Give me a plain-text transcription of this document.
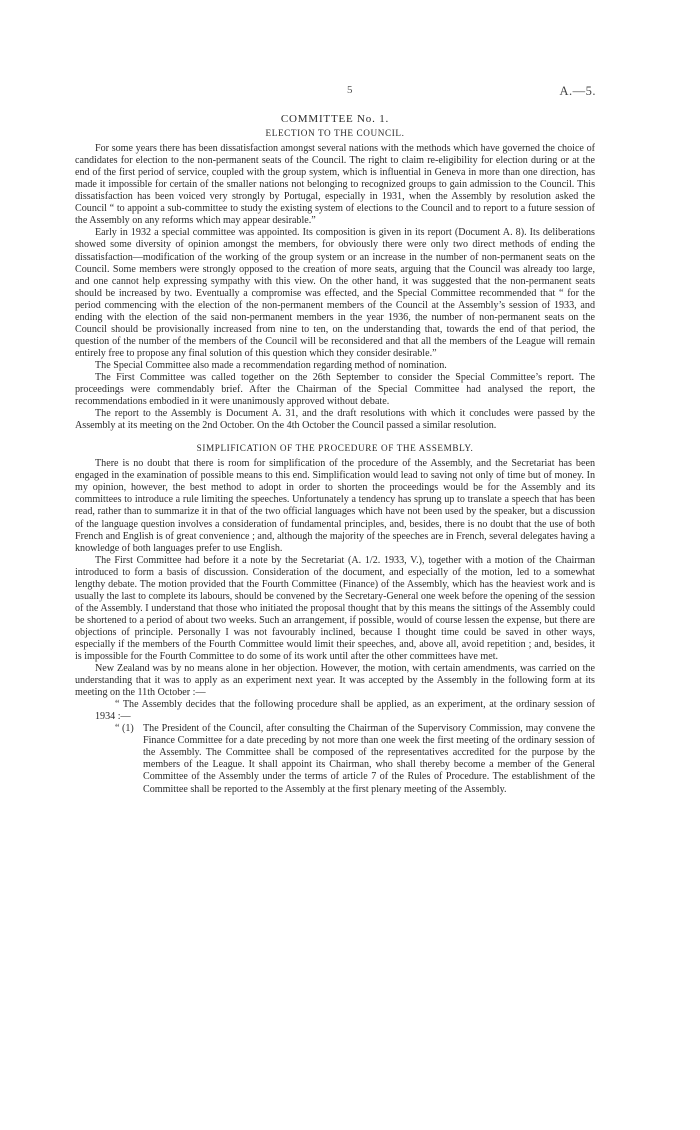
5	A.—5.
COMMITTEE No. 1.
ELECTION TO THE COUNCIL.

For some years there has been dissatisfaction amongst several nations with the methods which have governed the choice of candidates for election to the non-permanent seats of the Council. The right to claim re-eligibility for election during or at the end of the first period of service, coupled with the group system, which is influential in Geneva in more than one direction, has made it impossible for certain of the smaller nations not belonging to recognized groups to gain admission to the Council. This dissatisfaction has been voiced very strongly by Portugal, especially in 1931, when the Assembly by resolution asked the Council “ to appoint a sub-committee to study the existing system of elections to the Council and to report to a future session of the Assembly on any reforms which may appear desirable.”

Early in 1932 a special committee was appointed. Its composition is given in its report (Document A. 8). Its deliberations showed some diversity of opinion amongst the members, for obviously there were only two direct methods of ending the dissatisfaction—modification of the working of the group system or an increase in the number of non-permanent seats on the Council. Some members were strongly opposed to the creation of more seats, arguing that the Council was already too large, and one cannot help expressing sympathy with this view. On the other hand, it was suggested that the non-permanent seats should be increased by two. Eventually a compromise was effected, and the Special Committee recommended that “ for the period commencing with the election of the non-permanent members of the Council at the Assembly’s session of 1933, and ending with the election of the said non-permanent members in the year 1936, the number of non-permanent seats on the Council should be provisionally increased from nine to ten, on the understanding that, towards the end of that period, the question of the number of the members of the Council will be reconsidered and that all the members of the League will remain entirely free to propose any final solution of this question which they consider desirable.”

The Special Committee also made a recommendation regarding method of nomination.

The First Committee was called together on the 26th September to consider the Special Committee’s report. The proceedings were commendably brief. After the Chairman of the Special Committee had analysed the report, the recommendations embodied in it were unanimously approved without debate.

The report to the Assembly is Document A. 31, and the draft resolutions with which it concludes were passed by the Assembly at its meeting on the 2nd October. On the 4th October the Council passed a similar resolution.

SIMPLIFICATION OF THE PROCEDURE OF THE ASSEMBLY.

There is no doubt that there is room for simplification of the procedure of the Assembly, and the Secretariat has been engaged in the examination of possible means to this end. Simplification would lead to saving not only of time but of money. In my opinion, however, the best method to adopt in order to shorten the proceedings would be for the Assembly and its committees to introduce a rule limiting the speeches. Unfortunately a tendency has sprung up to translate a speech that has been read, rather than to summarize it in that of the two official languages which have not been used by the speaker, but a discussion of the language question involves a consideration of fundamental principles, and, besides, there is no doubt that the use of both French and English is of great convenience ; and, although the majority of the speeches are in French, several delegates having a knowledge of both languages prefer to use English.

The First Committee had before it a note by the Secretariat (A. 1/2. 1933, V.), together with a motion of the Chairman introduced to form a basis of discussion. Consideration of the document, and especially of the motion, led to a somewhat lengthy debate. The motion provided that the Fourth Committee (Finance) of the Assembly, which has the heaviest work and is usually the last to complete its labours, should be convened by the Secretary-General one week before the opening of the session of the Assembly. I understand that those who initiated the proposal thought that by this means the sittings of the Assembly could be shortened to a period of about two weeks. Such an arrangement, if possible, would of course lessen the expense, but there are objections of principle. Personally I was not favourably inclined, because I thought time could be saved in other ways, especially if the members of the Fourth Committee would limit their speeches, and, above all, avoid repetition ; and, besides, it is impossible for the Fourth Committee to do some of its work until after the other committees have met.

New Zealand was by no means alone in her objection. However, the motion, with certain amendments, was carried on the understanding that it was to apply as an experiment next year. It was accepted by the Assembly in the following form at its meeting on the 11th October :—

“ The Assembly decides that the following procedure shall be applied, as an experiment, at the ordinary session of 1934 :—

“ (1) The President of the Council, after consulting the Chairman of the Supervisory Commission, may convene the Finance Committee for a date preceding by not more than one week the first meeting of the ordinary session of the Assembly. The Committee shall be composed of the representatives accredited for the purpose by the members of the League. It shall appoint its Chairman, who shall thereby become a member of the General Committee of the Assembly under the terms of article 7 of the Rules of Procedure. The establishment of the Committee shall be reported to the Assembly at the first plenary meeting of the Assembly.
